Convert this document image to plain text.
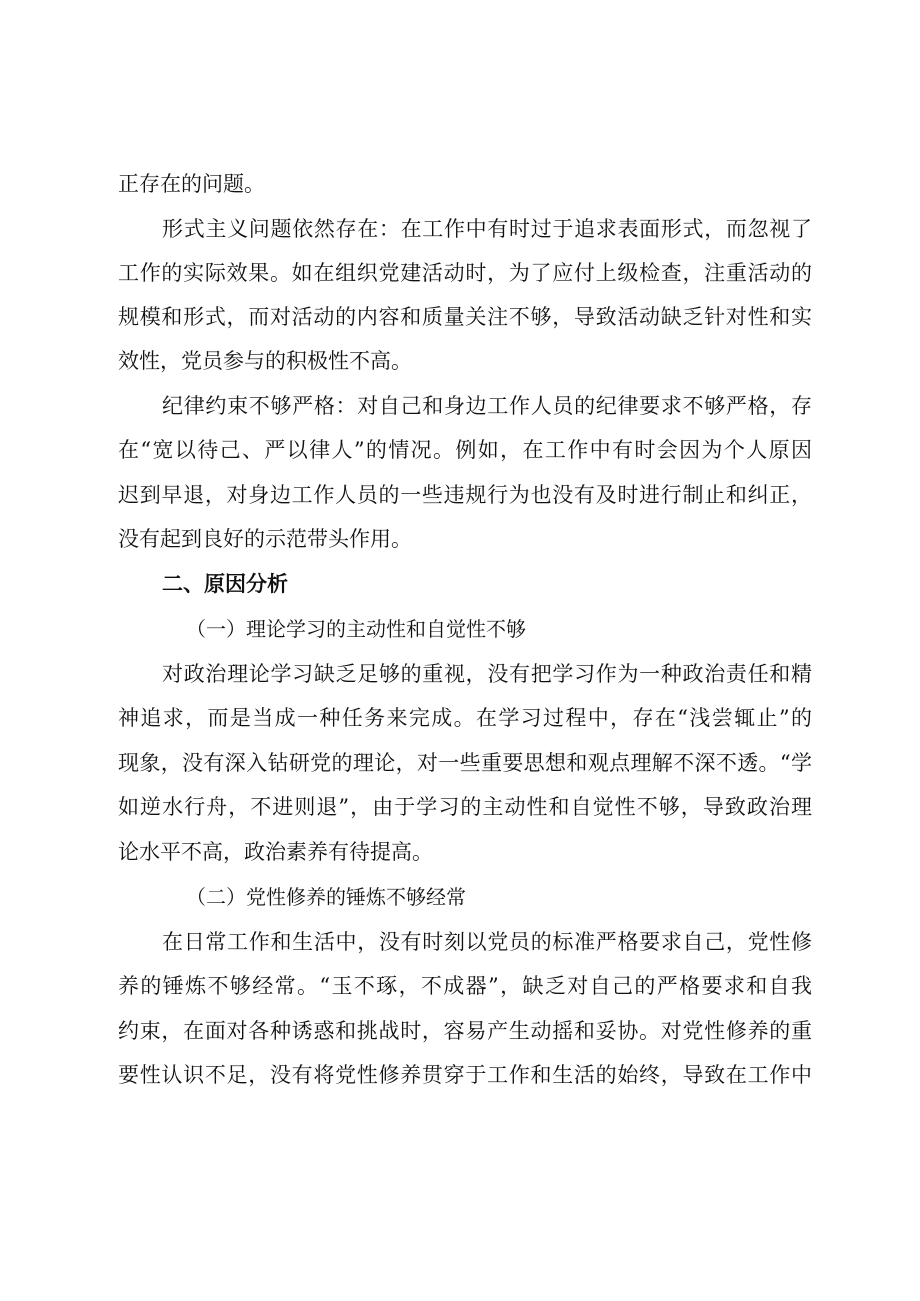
正存在的问题。
形式主义问题依然存在：在工作中有时过于追求表面形式，而忽视了
工作的实际效果。如在组织党建活动时，为了应付上级检查，注重活动的
规模和形式，而对活动的内容和质量关注不够，导致活动缺乏针对性和实
效性，党员参与的积极性不高。
纪律约束不够严格：对自己和身边工作人员的纪律要求不够严格，存
在“宽以待己、严以律人”的情况。例如，在工作中有时会因为个人原因
迟到早退，对身边工作人员的一些违规行为也没有及时进行制止和纠正，
没有起到良好的示范带头作用。
二、原因分析
（一）理论学习的主动性和自觉性不够
对政治理论学习缺乏足够的重视，没有把学习作为一种政治责任和精
神追求，而是当成一种任务来完成。在学习过程中，存在“浅尝辄止”的
现象，没有深入钻研党的理论，对一些重要思想和观点理解不深不透。“学
如逆水行舟，不进则退”，由于学习的主动性和自觉性不够，导致政治理
论水平不高，政治素养有待提高。
（二）党性修养的锤炼不够经常
在日常工作和生活中，没有时刻以党员的标准严格要求自己，党性修
养的锤炼不够经常。“玉不琢，不成器”，缺乏对自己的严格要求和自我
约束，在面对各种诱惑和挑战时，容易产生动摇和妥协。对党性修养的重
要性认识不足，没有将党性修养贯穿于工作和生活的始终，导致在工作中
